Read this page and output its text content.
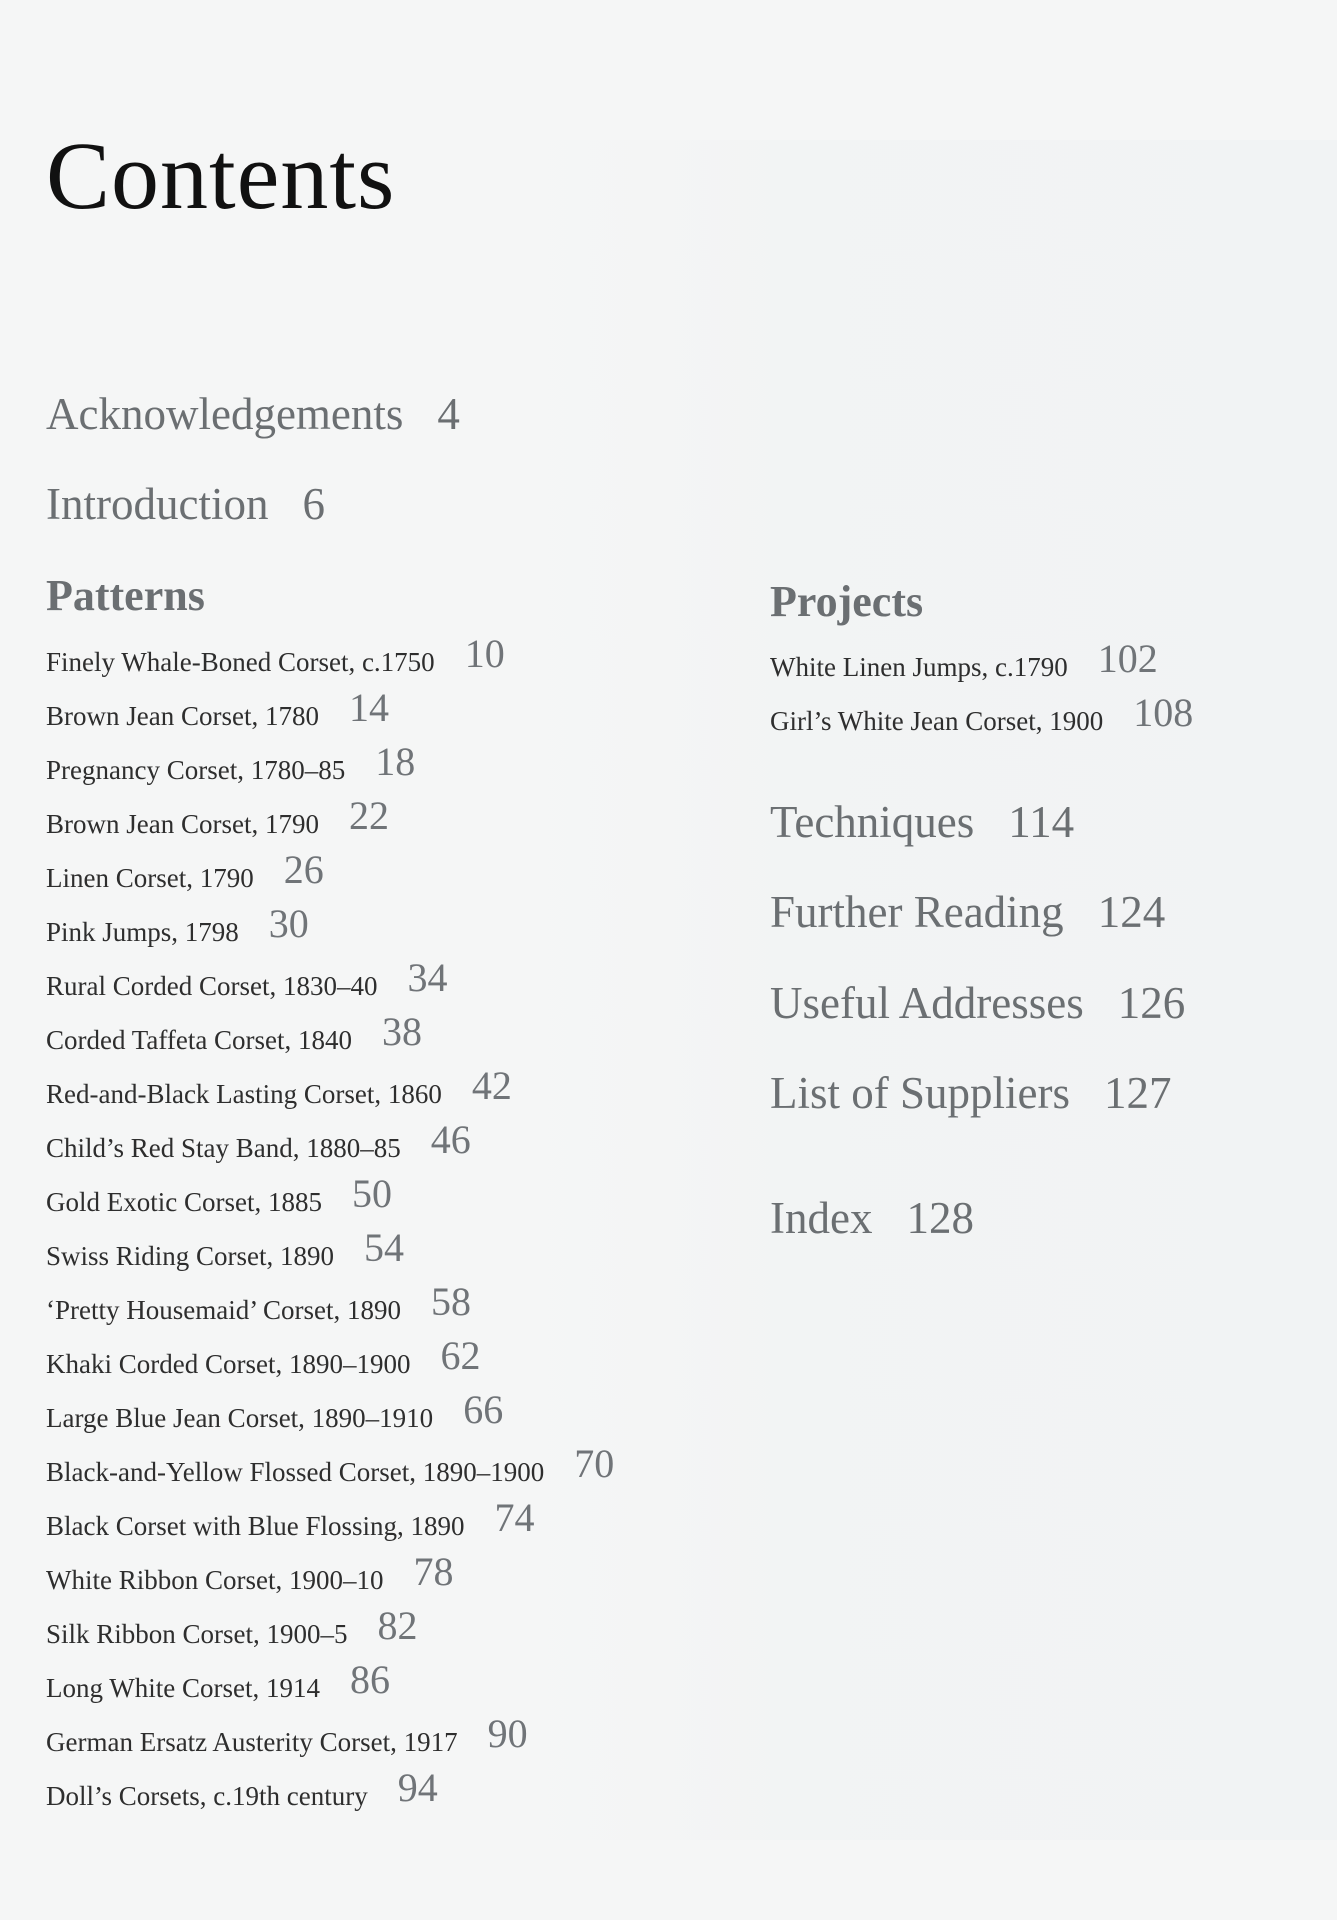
Contents

Acknowledgements 4

Introduction 6

Patterns
Finely Whale-Boned Corset, c.1750 10
Brown Jean Corset, 1780 14
Pregnancy Corset, 1780–85 18
Brown Jean Corset, 1790 22
Linen Corset, 1790 26
Pink Jumps, 1798 30
Rural Corded Corset, 1830–40 34
Corded Taffeta Corset, 1840 38
Red-and-Black Lasting Corset, 1860 42
Child’s Red Stay Band, 1880–85 46
Gold Exotic Corset, 1885 50
Swiss Riding Corset, 1890 54
‘Pretty Housemaid’ Corset, 1890 58
Khaki Corded Corset, 1890–1900 62
Large Blue Jean Corset, 1890–1910 66
Black-and-Yellow Flossed Corset, 1890–1900 70
Black Corset with Blue Flossing, 1890 74
White Ribbon Corset, 1900–10 78
Silk Ribbon Corset, 1900–5 82
Long White Corset, 1914 86
German Ersatz Austerity Corset, 1917 90
Doll’s Corsets, c.19th century 94
Projects
White Linen Jumps, c.1790 102
Girl’s White Jean Corset, 1900 108

Techniques 114

Further Reading 124

Useful Addresses 126

List of Suppliers 127

Index 128
